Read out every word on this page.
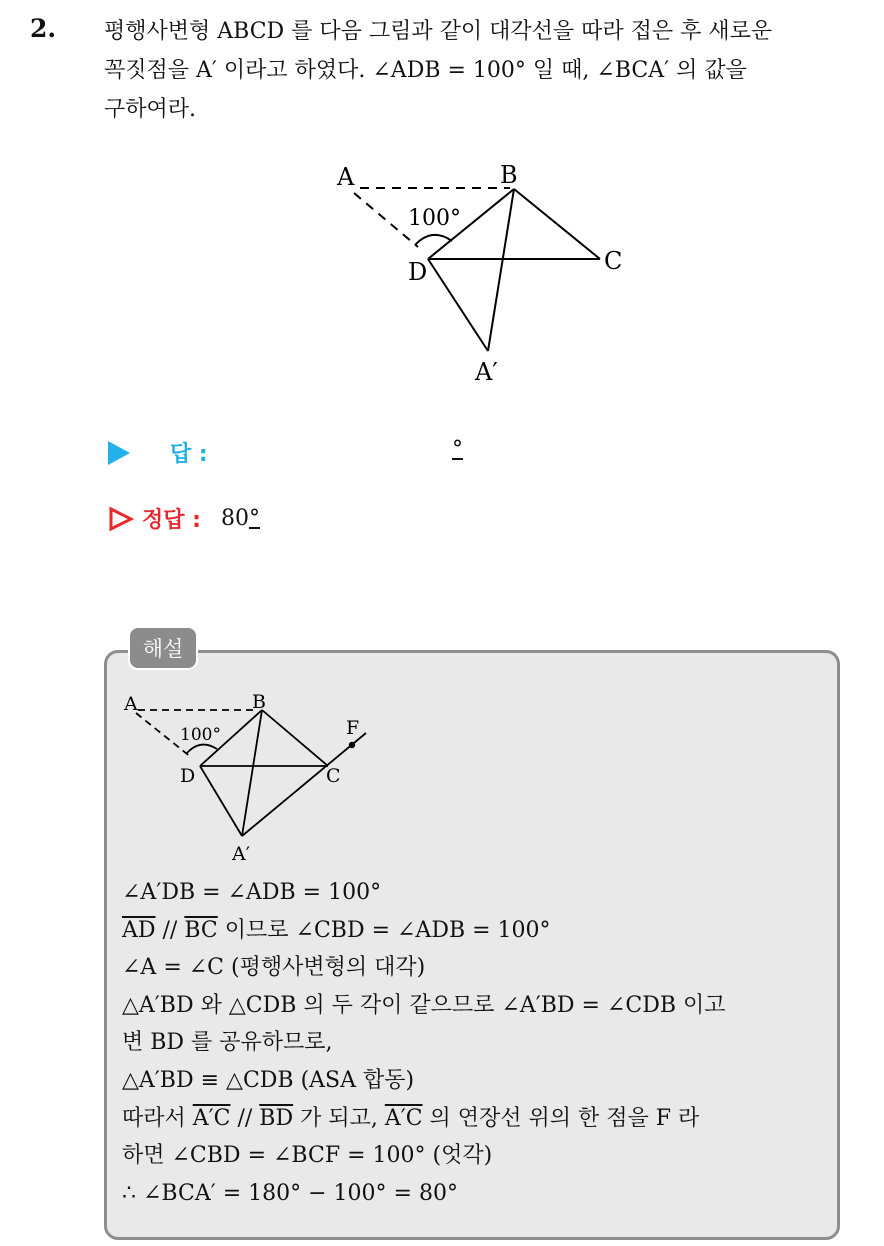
2. 평행사변형 ABCD 를 다음 그림과 같이 대각선을 따라 접은 후 새로운
꼭짓점을 A′ 이라고 하였다. ∠ADB = 100° 일 때, ∠BCA′ 의 값을
구하여라.
A	B
C
D
A′
100°
답 :	°
정답 : 80°
해설
A	B
C
D
F
A′
100°
∠A′DB = ∠ADB = 100°
$\overline{AD} // \overline{BC}$ 이므로 ∠CBD = ∠ADB = 100°
∠A = ∠C (평행사변형의 대각)
△A′BD 와 △CDB 의 두 각이 같으므로 ∠A′BD = ∠CDB 이고
변 BD 를 공유하므로,
△A′BD ≡ △CDB (ASA 합동)
따라서 $A'C // \overline{BD}$ 가 되고, A′C 의 연장선 위의 한 점을 F 라
하면 ∠CBD = ∠BCF = 100° (엇각)
∴ ∠BCA′ = 180° − 100° = 80°
